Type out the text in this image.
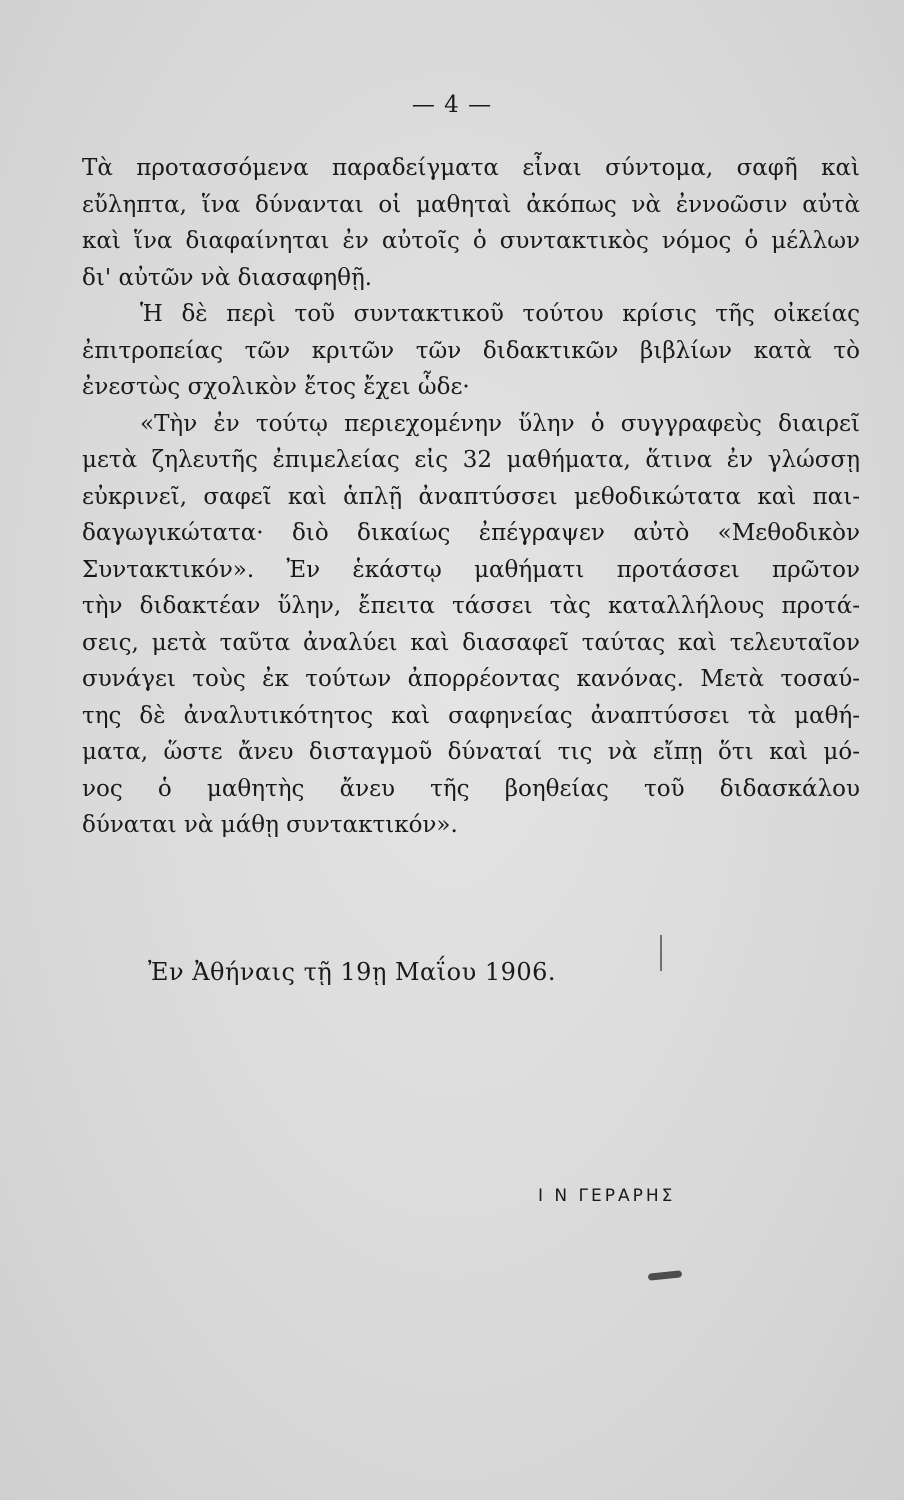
— 4 —
Τὰ προτασσόμενα παραδείγματα εἶναι σύντομα, σαφῆ καὶ
εὔληπτα, ἵνα δύνανται οἱ μαθηταὶ ἀκόπως νὰ ἐννοῶσιν αὐτὰ
καὶ ἵνα διαφαίνηται ἐν αὐτοῖς ὁ συντακτικὸς νόμος ὁ μέλλων
δι' αὐτῶν νὰ διασαφηθῇ.
Ἡ δὲ περὶ τοῦ συντακτικοῦ τούτου κρίσις τῆς οἰκείας
ἐπιτροπείας τῶν κριτῶν τῶν διδακτικῶν βιβλίων κατὰ τὸ
ἐνεστὼς σχολικὸν ἔτος ἔχει ὧδε·
«Τὴν ἐν τούτῳ περιεχομένην ὕλην ὁ συγγραφεὺς διαιρεῖ
μετὰ ζηλευτῆς ἐπιμελείας εἰς 32 μαθήματα, ἅτινα ἐν γλώσσῃ
εὐκρινεῖ, σαφεῖ καὶ ἁπλῇ ἀναπτύσσει μεθοδικώτατα καὶ παι-
δαγωγικώτατα· διὸ δικαίως ἐπέγραψεν αὐτὸ «Μεθοδικὸν
Συντακτικόν». Ἐν ἑκάστῳ μαθήματι προτάσσει πρῶτον
τὴν διδακτέαν ὕλην, ἔπειτα τάσσει τὰς καταλλήλους προτά-
σεις, μετὰ ταῦτα ἀναλύει καὶ διασαφεῖ ταύτας καὶ τελευταῖον
συνάγει τοὺς ἐκ τούτων ἀπορρέοντας κανόνας. Μετὰ τοσαύ-
της δὲ ἀναλυτικότητος καὶ σαφηνείας ἀναπτύσσει τὰ μαθή-
ματα, ὥστε ἄνευ δισταγμοῦ δύναταί τις νὰ εἴπῃ ὅτι καὶ μό-
νος ὁ μαθητὴς ἄνευ τῆς βοηθείας τοῦ διδασκάλου
δύναται νὰ μάθῃ συντακτικόν».
Ἐν Ἀθήναις τῇ 19ῃ Μαΐου 1906.
Ι Ν ΓΕΡΑΡΗΣ
